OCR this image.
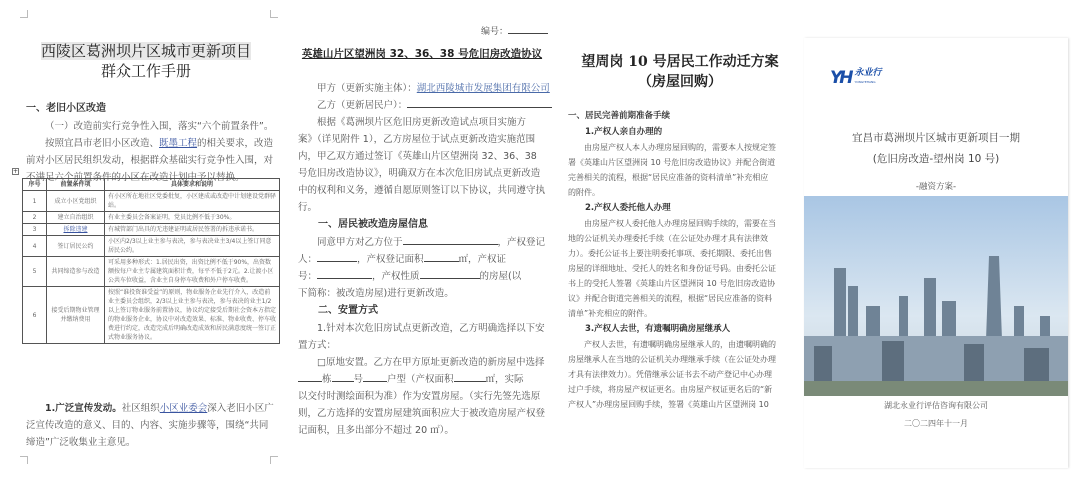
西陵区葛洲坝片区城市更新项目
群众工作手册
一、老旧小区改造

（一）改造前实行竞争性入围，落实“六个前置条件”。

按照宜昌市老旧小区改造、既墨工程的相关要求，改造

前对小区居民组织发动，根据群众基础实行竞争性入围，对

不满足六个前置条件的小区在改造计划中予以替换。

+
序号	前置条件项	具体要求和说明
1	成立小区党组织	有小区所在地社区党委批复，小区建成或改造中计划建设党群驿站。
2	建立自治组织	有业主委员会备案证明，党员比例不低于30%。
3	拆除违建	有城管部门出具的无违建证明或居民签署的拆违承诺书。
4	签订居民公约	小区内2/3以上业主参与表决，参与表决业主3/4以上签订同意居民公约。
5	共同缔造参与改造	可采用多种形式：1.居民出资，出资比例不低于90%，出资数额按每户业主专属建筑面积计费，每平不低于2元。2.让渡小区公共车位收益，含业主自身停车收费和外户停车收费。
6	接受后期物业管理并缴纳费用	按照“谁投资谁受益”的原则，物业服务企业先行介入，改造前业主委员会组织，2/3以上业主参与表决，参与表决的业主1/2以上签订物业服务前置协议，协议约定接受后期社会资本方指定的物业服务企业，协议中对改造效果、标准、物业收费、停车收费进行约定，改造完成后明确改造成效和居民满意度统一签订正式物业服务协议。

1.广泛宣传发动。社区组织小区业委会深入老旧小区广

泛宣传改造的意义、目的、内容、实施步骤等，围绕“共同

缔造”广泛收集业主意见。

编号：
英雄山片区望洲岗 32、36、38 号危旧房改造协议

甲方（更新实施主体）：湖北西陵城市发展集团有限公司

乙方（更新居民户）：

根据《葛洲坝片区危旧房更新改造试点项目实施方

案》（详见附件 1），乙方房屋位于试点更新改造实施范围

内，甲乙双方通过签订《英雄山片区望洲岗 32、36、38

号危旧房改造协议》，明确双方在本次危旧房试点更新改造

中的权利和义务，遵循自愿原则签订以下协议，共同遵守执

行。

一、居民被改造房屋信息

同意甲方对乙方位于	，产权登记

人：	，产权登记面积	㎡，产权证

号：	，产权性质	的房屋(以

下简称：被改造房屋)进行更新改造。

二、安置方式

1.针对本次危旧房试点更新改造，乙方明确选择以下安

置方式：

□原地安置。乙方在甲方原址更新改造的新房屋中选择

栋 号	户型（产权面积	㎡，实际

以交付时测绘面积为准）作为安置房屋。（实行先签先选原

则，乙方选择的安置房屋建筑面积应大于被改造房屋产权登

记面积，且多出部分不超过 20 ㎡）。

望周岗 10 号居民工作动迁方案
（房屋回购）
一、居民完善前期准备手续
1.产权人亲自办理的

由房屋产权人本人办理房屋回购的，需要本人按规定签

署《英雄山片区望洲岗 10 号危旧房改造协议》并配合街道

完善相关的流程，根据“居民应准备的资料清单”补充相应

的附件。

2.产权人委托他人办理

由房屋产权人委托他人办理房屋回购手续的，需要在当

地的公证机关办理委托手续（在公证处办理才具有法律效

力）。委托公证书上要注明委托事项、委托期限、委托出售

房屋的详细地址、受托人的姓名和身份证号码。由委托公证

书上的受托人签署《英雄山片区望洲岗 10 号危旧房改造协

议》并配合街道完善相关的流程，根据“居民应准备的资料

清单”补充相应的附件。

3.产权人去世，有遗嘱明确房屋继承人

产权人去世，有遗嘱明确房屋继承人的，由遗嘱明确的

房屋继承人在当地的公证机关办理继承手续（在公证处办理

才具有法律效力）。凭借继承公证书去不动产登记中心办理

过户手续，将房屋产权证更名。由房屋产权证更名后的“新

产权人”办理房屋回购手续，签署《英雄山片区望洲岗 10

YH 永业行
YONGYEHANG
宜昌市葛洲坝片区城市更新项目一期
(危旧房改造-望州岗 10 号)
-融资方案-
湖北永业行评估咨询有限公司
二〇二四年十一月
